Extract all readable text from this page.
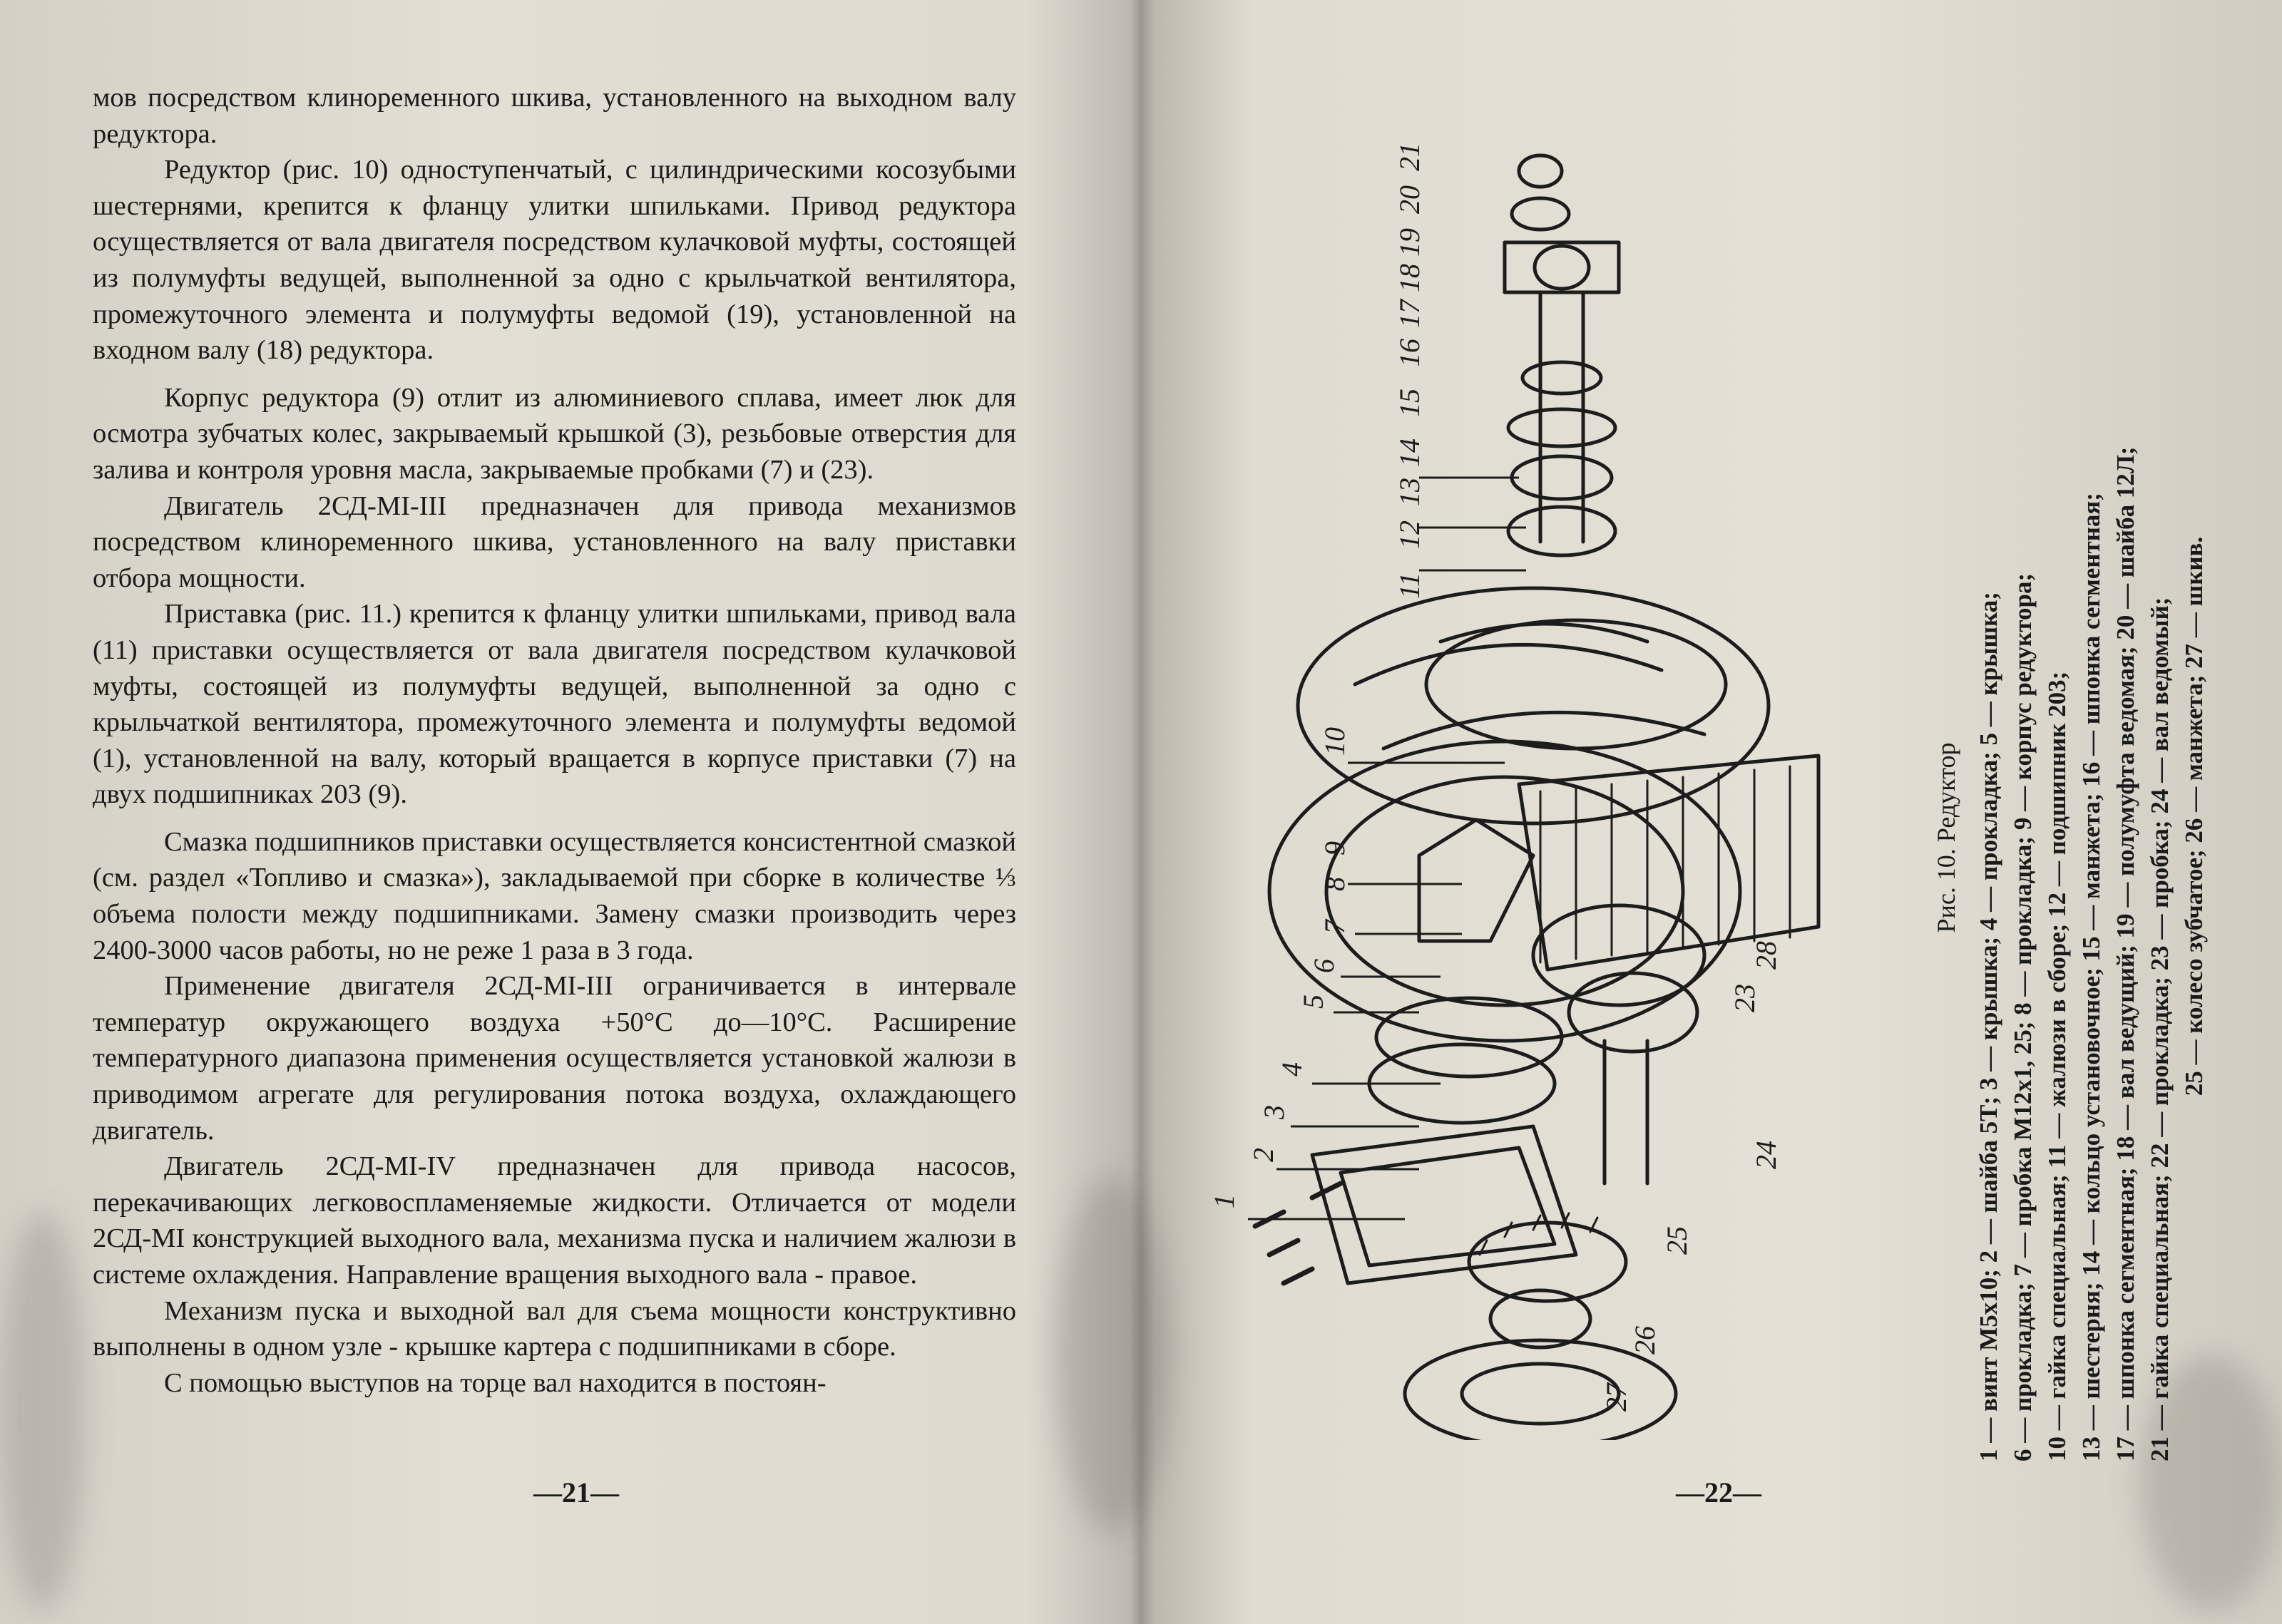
мов посредством клиноременного шкива, установленного на выходном валу редуктора.

Редуктор (рис. 10) одноступенчатый, с цилиндрическими косозубыми шестернями, крепится к фланцу улитки шпильками. Привод редуктора осуществляется от вала двигателя посредством кулачковой муфты, состоящей из полумуфты ведущей, выполненной за одно с крыльчаткой вентилятора, промежуточного элемента и полумуфты ведомой (19), установленной на входном валу (18) редуктора.

Корпус редуктора (9) отлит из алюминиевого сплава, имеет люк для осмотра зубчатых колес, закрываемый крышкой (3), резьбовые отверстия для залива и контроля уровня масла, закрываемые пробками (7) и (23).

Двигатель 2СД-МI-III предназначен для привода механизмов посредством клиноременного шкива, установленного на валу приставки отбора мощности.

Приставка (рис. 11.) крепится к фланцу улитки шпильками, привод вала (11) приставки осуществляется от вала двигателя посредством кулачковой муфты, состоящей из полумуфты ведущей, выполненной за одно с крыльчаткой вентилятора, промежуточного элемента и полумуфты ведомой (1), установленной на валу, который вращается в корпусе приставки (7) на двух подшипниках 203 (9).

Смазка подшипников приставки осуществляется консистентной смазкой (см. раздел «Топливо и смазка»), закладываемой при сборке в количестве ⅓ объема полости между подшипниками. Замену смазки производить через 2400-3000 часов работы, но не реже 1 раза в 3 года.

Применение двигателя 2СД-МI-III ограничивается в интервале температур окружающего воздуха +50°С до—10°С. Расширение температурного диапазона применения осуществляется установкой жалюзи в приводимом агрегате для регулирования потока воздуха, охлаждающего двигатель.

Двигатель 2СД-МI-IV предназначен для привода насосов, перекачивающих легковоспламеняемые жидкости. Отличается от модели 2СД-МI конструкцией выходного вала, механизма пуска и наличием жалюзи в системе охлаждения. Направление вращения выходного вала - правое.

Механизм пуска и выходной вал для съема мощности конструктивно выполнены в одном узле - крышке картера с подшипниками в сборе.

С помощью выступов на торце вал находится в постоян-

—21—
1
2
3
4
5
6
7
8
9
10
11
12
13
14
15
16
17
18
19
20
21
23
24
25
26
27
28
Рис. 10. Редуктор 1 — винт М5х10; 2 — шайба 5Т; 3 — крышка; 4 — прокладка; 5 — крышка; 6 — прокладка; 7 — пробка М12х1, 25; 8 — прокладка; 9 — корпус редуктора; 10 — гайка специальная; 11 — жалюзи в сборе; 12 — подшипник 203; 13 — шестерня; 14 — кольцо установочное; 15 — манжета; 16 — шпонка сегментная; 17 — шпонка сегментная; 18 — вал ведущий; 19 — полумуфта ведомая; 20 — шайба 12Л; 21 — гайка специальная; 22 — прокладка; 23 — пробка; 24 — вал ведомый; 25 — колесо зубчатое; 26 — манжета; 27 — шкив.
—22—
